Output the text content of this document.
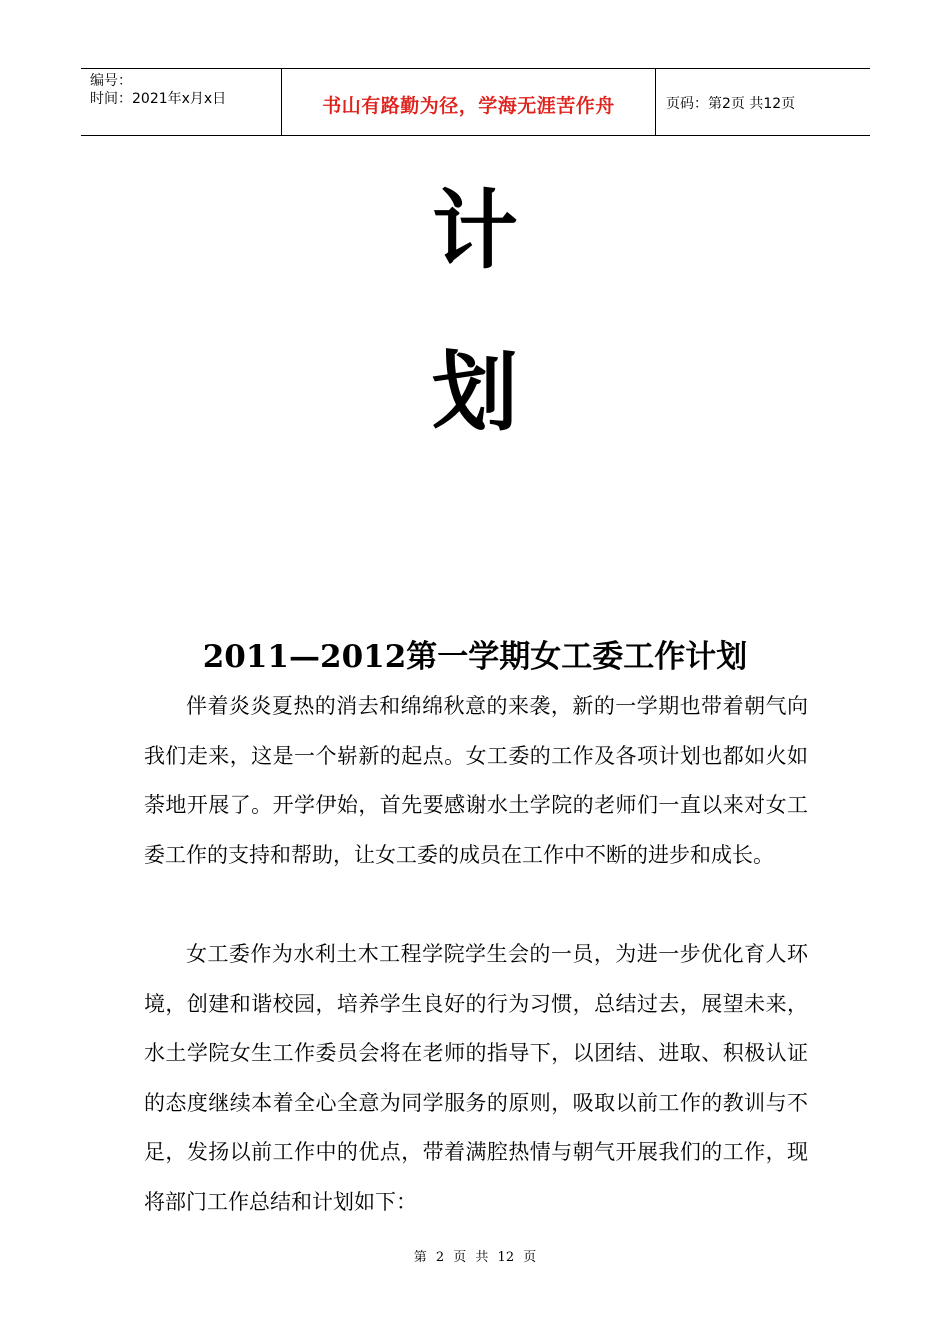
编号：
时间：2021年x月x日	书山有路勤为径，学海无涯苦作舟	页码：第2页 共12页
计
划
2011—2012第一学期女工委工作计划

伴着炎炎夏热的消去和绵绵秋意的来袭，新的一学期也带着朝气向我们走来，这是一个崭新的起点。女工委的工作及各项计划也都如火如荼地开展了。开学伊始，首先要感谢水土学院的老师们一直以来对女工委工作的支持和帮助，让女工委的成员在工作中不断的进步和成长。

女工委作为水利土木工程学院学生会的一员，为进一步优化育人环境，创建和谐校园，培养学生良好的行为习惯，总结过去，展望未来，水土学院女生工作委员会将在老师的指导下，以团结、进取、积极认证的态度继续本着全心全意为同学服务的原则，吸取以前工作的教训与不足，发扬以前工作中的优点，带着满腔热情与朝气开展我们的工作，现将部门工作总结和计划如下：

第 2 页 共 12 页
